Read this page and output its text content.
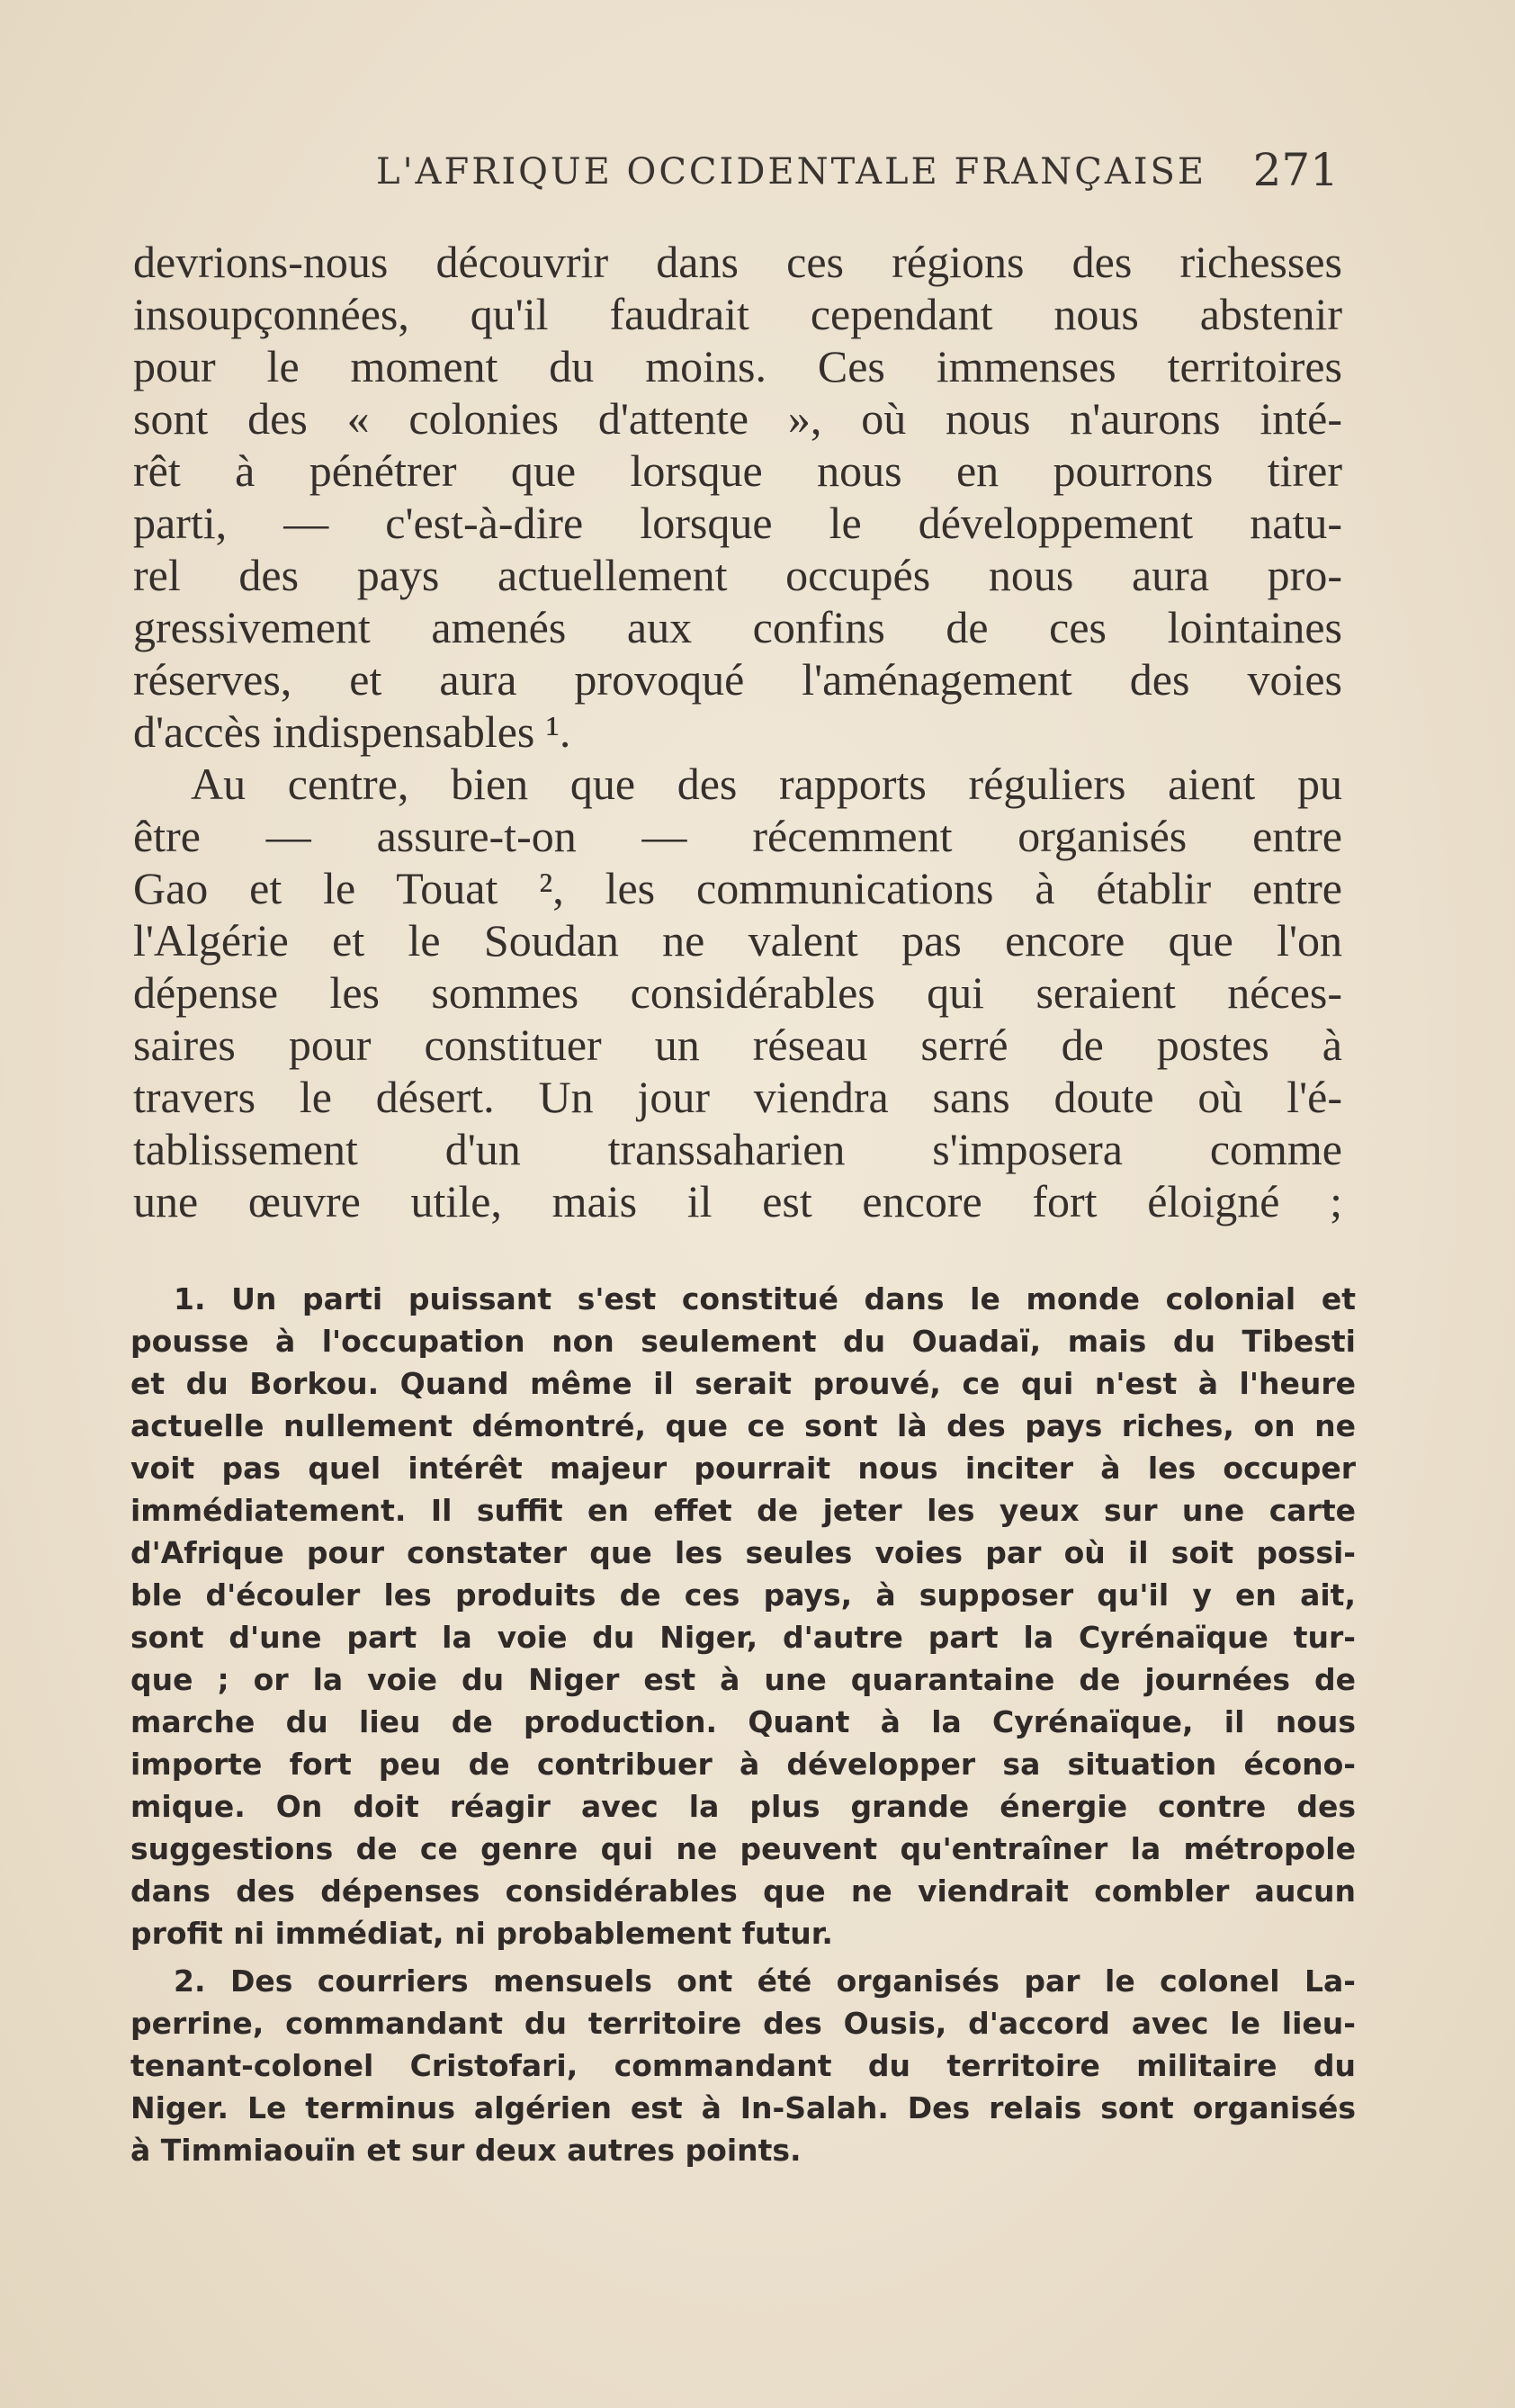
L'AFRIQUE OCCIDENTALE FRANÇAISE 271
devrions-nous découvrir dans ces régions des richesses
insoupçonnées, qu'il faudrait cependant nous abstenir
pour le moment du moins. Ces immenses territoires
sont des « colonies d'attente », où nous n'aurons inté-
rêt à pénétrer que lorsque nous en pourrons tirer
parti, — c'est-à-dire lorsque le développement natu-
rel des pays actuellement occupés nous aura pro-
gressivement amenés aux confins de ces lointaines
réserves, et aura provoqué l'aménagement des voies
d'accès indispensables ¹.
Au centre, bien que des rapports réguliers aient pu
être — assure-t-on — récemment organisés entre
Gao et le Touat ², les communications à établir entre
l'Algérie et le Soudan ne valent pas encore que l'on
dépense les sommes considérables qui seraient néces-
saires pour constituer un réseau serré de postes à
travers le désert. Un jour viendra sans doute où l'é-
tablissement d'un transsaharien s'imposera comme
une œuvre utile, mais il est encore fort éloigné ;
1. Un parti puissant s'est constitué dans le monde colonial et
pousse à l'occupation non seulement du Ouadaï, mais du Tibesti
et du Borkou. Quand même il serait prouvé, ce qui n'est à l'heure
actuelle nullement démontré, que ce sont là des pays riches, on ne
voit pas quel intérêt majeur pourrait nous inciter à les occuper
immédiatement. Il suffit en effet de jeter les yeux sur une carte
d'Afrique pour constater que les seules voies par où il soit possi-
ble d'écouler les produits de ces pays, à supposer qu'il y en ait,
sont d'une part la voie du Niger, d'autre part la Cyrénaïque tur-
que ; or la voie du Niger est à une quarantaine de journées de
marche du lieu de production. Quant à la Cyrénaïque, il nous
importe fort peu de contribuer à développer sa situation écono-
mique. On doit réagir avec la plus grande énergie contre des
suggestions de ce genre qui ne peuvent qu'entraîner la métropole
dans des dépenses considérables que ne viendrait combler aucun
profit ni immédiat, ni probablement futur.
2. Des courriers mensuels ont été organisés par le colonel La-
perrine, commandant du territoire des Ousis, d'accord avec le lieu-
tenant-colonel Cristofari, commandant du territoire militaire du
Niger. Le terminus algérien est à In-Salah. Des relais sont organisés
à Timmiaouïn et sur deux autres points.
